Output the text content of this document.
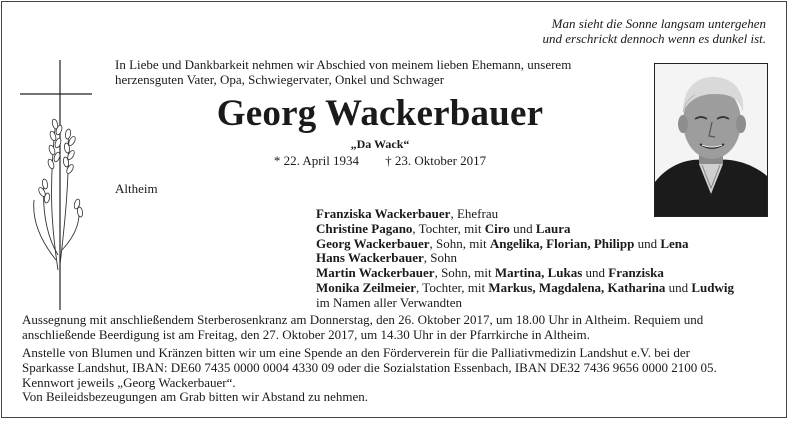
Man sieht die Sonne langsam untergehen
und erschrickt dennoch wenn es dunkel ist.
In Liebe und Dankbarkeit nehmen wir Abschied von meinem lieben Ehemann, unserem
herzensguten Vater, Opa, Schwiegervater, Onkel und Schwager
Georg Wackerbauer
„Da Wack“
* 22. April 1934 † 23. Oktober 2017
Altheim
Franziska Wackerbauer, Ehefrau
Christine Pagano, Tochter, mit Ciro und Laura
Georg Wackerbauer, Sohn, mit Angelika, Florian, Philipp und Lena
Hans Wackerbauer, Sohn
Martin Wackerbauer, Sohn, mit Martina, Lukas und Franziska
Monika Zeilmeier, Tochter, mit Markus, Magdalena, Katharina und Ludwig
im Namen aller Verwandten
Aussegnung mit anschließendem Sterberosenkranz am Donnerstag, den 26. Oktober 2017, um 18.00 Uhr in Altheim. Requiem und
anschließende Beerdigung ist am Freitag, den 27. Oktober 2017, um 14.30 Uhr in der Pfarrkirche in Altheim.
Anstelle von Blumen und Kränzen bitten wir um eine Spende an den Förderverein für die Palliativmedizin Landshut e.V. bei der
Sparkasse Landshut, IBAN: DE60 7435 0000 0004 4330 09 oder die Sozialstation Essenbach, IBAN DE32 7436 9656 0000 2100 05.
Kennwort jeweils „Georg Wackerbauer“.
Von Beileidsbezeugungen am Grab bitten wir Abstand zu nehmen.
